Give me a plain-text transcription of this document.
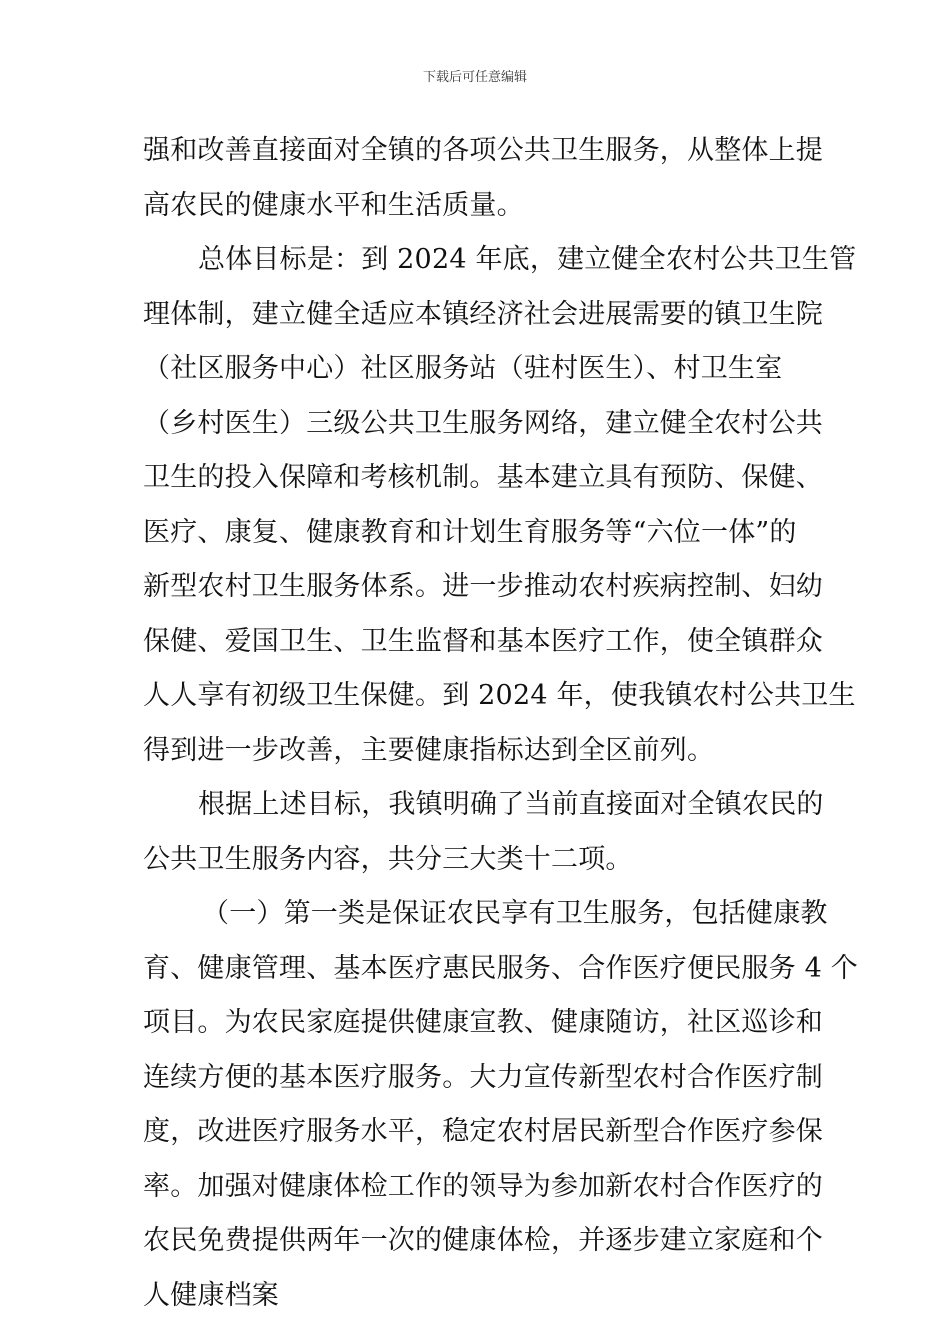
下载后可任意编辑
强和改善直接面对全镇的各项公共卫生服务，从整体上提
高农民的健康水平和生活质量。
总体目标是：到 2024 年底，建立健全农村公共卫生管
理体制，建立健全适应本镇经济社会进展需要的镇卫生院
（社区服务中心）社区服务站（驻村医生）、村卫生室
（乡村医生）三级公共卫生服务网络，建立健全农村公共
卫生的投入保障和考核机制。基本建立具有预防、保健、
医疗、康复、健康教育和计划生育服务等“六位一体”的
新型农村卫生服务体系。进一步推动农村疾病控制、妇幼
保健、爱国卫生、卫生监督和基本医疗工作，使全镇群众
人人享有初级卫生保健。到 2024 年，使我镇农村公共卫生
得到进一步改善，主要健康指标达到全区前列。
根据上述目标，我镇明确了当前直接面对全镇农民的
公共卫生服务内容，共分三大类十二项。
（一）第一类是保证农民享有卫生服务，包括健康教
育、健康管理、基本医疗惠民服务、合作医疗便民服务 4 个
项目。为农民家庭提供健康宣教、健康随访，社区巡诊和
连续方便的基本医疗服务。大力宣传新型农村合作医疗制
度，改进医疗服务水平，稳定农村居民新型合作医疗参保
率。加强对健康体检工作的领导为参加新农村合作医疗的
农民免费提供两年一次的健康体检，并逐步建立家庭和个
人健康档案
